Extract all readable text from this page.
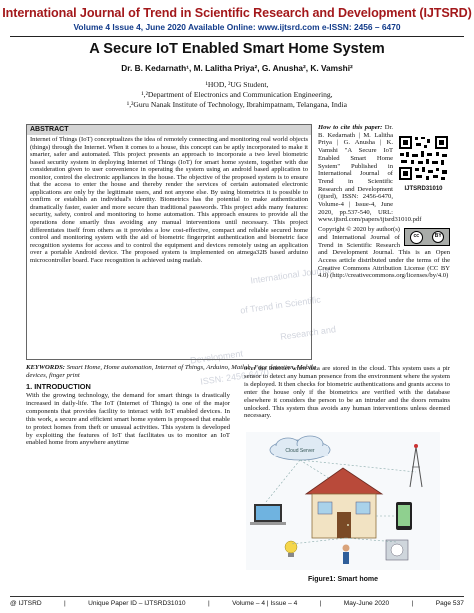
International Journal of Trend in Scientific Research and Development (IJTSRD)
Volume 4 Issue 4, June 2020 Available Online: www.ijtsrd.com e-ISSN: 2456 – 6470
A Secure IoT Enabled Smart Home System
Dr. B. Kedarnath¹, M. Lalitha Priya², G. Anusha², K. Vamshi²
¹HOD, ²UG Student,
¹,²Department of Electronics and Communication Engineering,
¹,²Guru Nanak Institute of Technology, Ibrahimpatnam, Telangana, India
International Journal
of Trend in Scientific
Research and
Development
ISSN: 2456-6470
ABSTRACT
Internet of Things (IoT) conceptualizes the idea of remotely connecting and monitoring real world objects (things) through the Internet. When it comes to a house, this concept can be aptly incorporated to make it smarter, safer and automated. This project presents an approach to incorporate a two level biometric based security system in deploying Internet of Things (IoT) for smart home system, together with due consideration given to user convenience in operating the system using an android based application to monitor, control the electronic appliances in the house. The objective of the proposed system is to ensure that the access to enter the house and thereby render the services of certain automated electronic applications are only by the legitimate users, and not anyone else. By using biometrics it is possible to confirm or establish an individual's identity. Biometrics has the potential to make authentication dramatically faster, easier and more secure than traditional passwords. This project adds many features: security, safety, control and monitoring to home automation. This approach ensures to provide all the operations done smartly thus avoiding any manual interventions until necessary. This project differentiates itself from others as it provides a low cost-effective, compact and reliable secured home control and monitoring system with the aid of biometric fingerprint authentication and biometric face recognition systems for access and to control the equipment and devices remotely using an application over a portable Android device. The proposed system is implemented on atmega32B based arduino microcontroller board. Face recognition is achieved using matlab.
How to cite this paper: Dr. B. Kedarnath | M. Lalitha Priya | G. Anusha | K. Vamshi "A Secure IoT Enabled Smart Home System" Published in International Journal of Trend in Scientific Research and Development (ijtsrd), ISSN: 2456-6470, Volume-4 | Issue-4, June 2020, pp.537-540, URL: www.ijtsrd.com/papers/ijtsrd31010.pdf
IJTSRD31010
cc	BY
Copyright © 2020 by author(s) and International Journal of Trend in Scientific Research and Development Journal. This is an Open Access article distributed under the terms of the Creative Commons Attribution License (CC BY 4.0) (http://creativecommons.org/licenses/by/4.0)
KEYWORDS: Smart Home, Home automation, Internet of Things, Arduino, Matlab, Face detection, Mobile devices, finger print
1. INTRODUCTION
With the growing technology, the demand for smart things is drastically increased in daily-life. The IoT (Internet of Things) is one of the major components that provides facility to interact with IoT enabled devices. In this work, a secure and efficient smart home system is proposed that enable to protect homes from theft or unusual activities. This system is developed by exploiting the features of IoT that facilitates us to monitor an IoT enabled home from anywhere anytime
over the Internet when data are stored in the cloud. This system uses a pir sensor to detect any human presence from the environment where the system is deployed. It then checks for biometric authentications and grants access to enter the house only if the biometrics are verified with the database elsewhere it considers the person to be an intruder and the doors remains unlocked. This system thus avoids any human interventions unless deemed necessary.
Cloud Server
Figure1: Smart home
@ IJTSRD	|	Unique Paper ID – IJTSRD31010	|	Volume – 4 | Issue – 4	|	May-June 2020	|	Page 537
